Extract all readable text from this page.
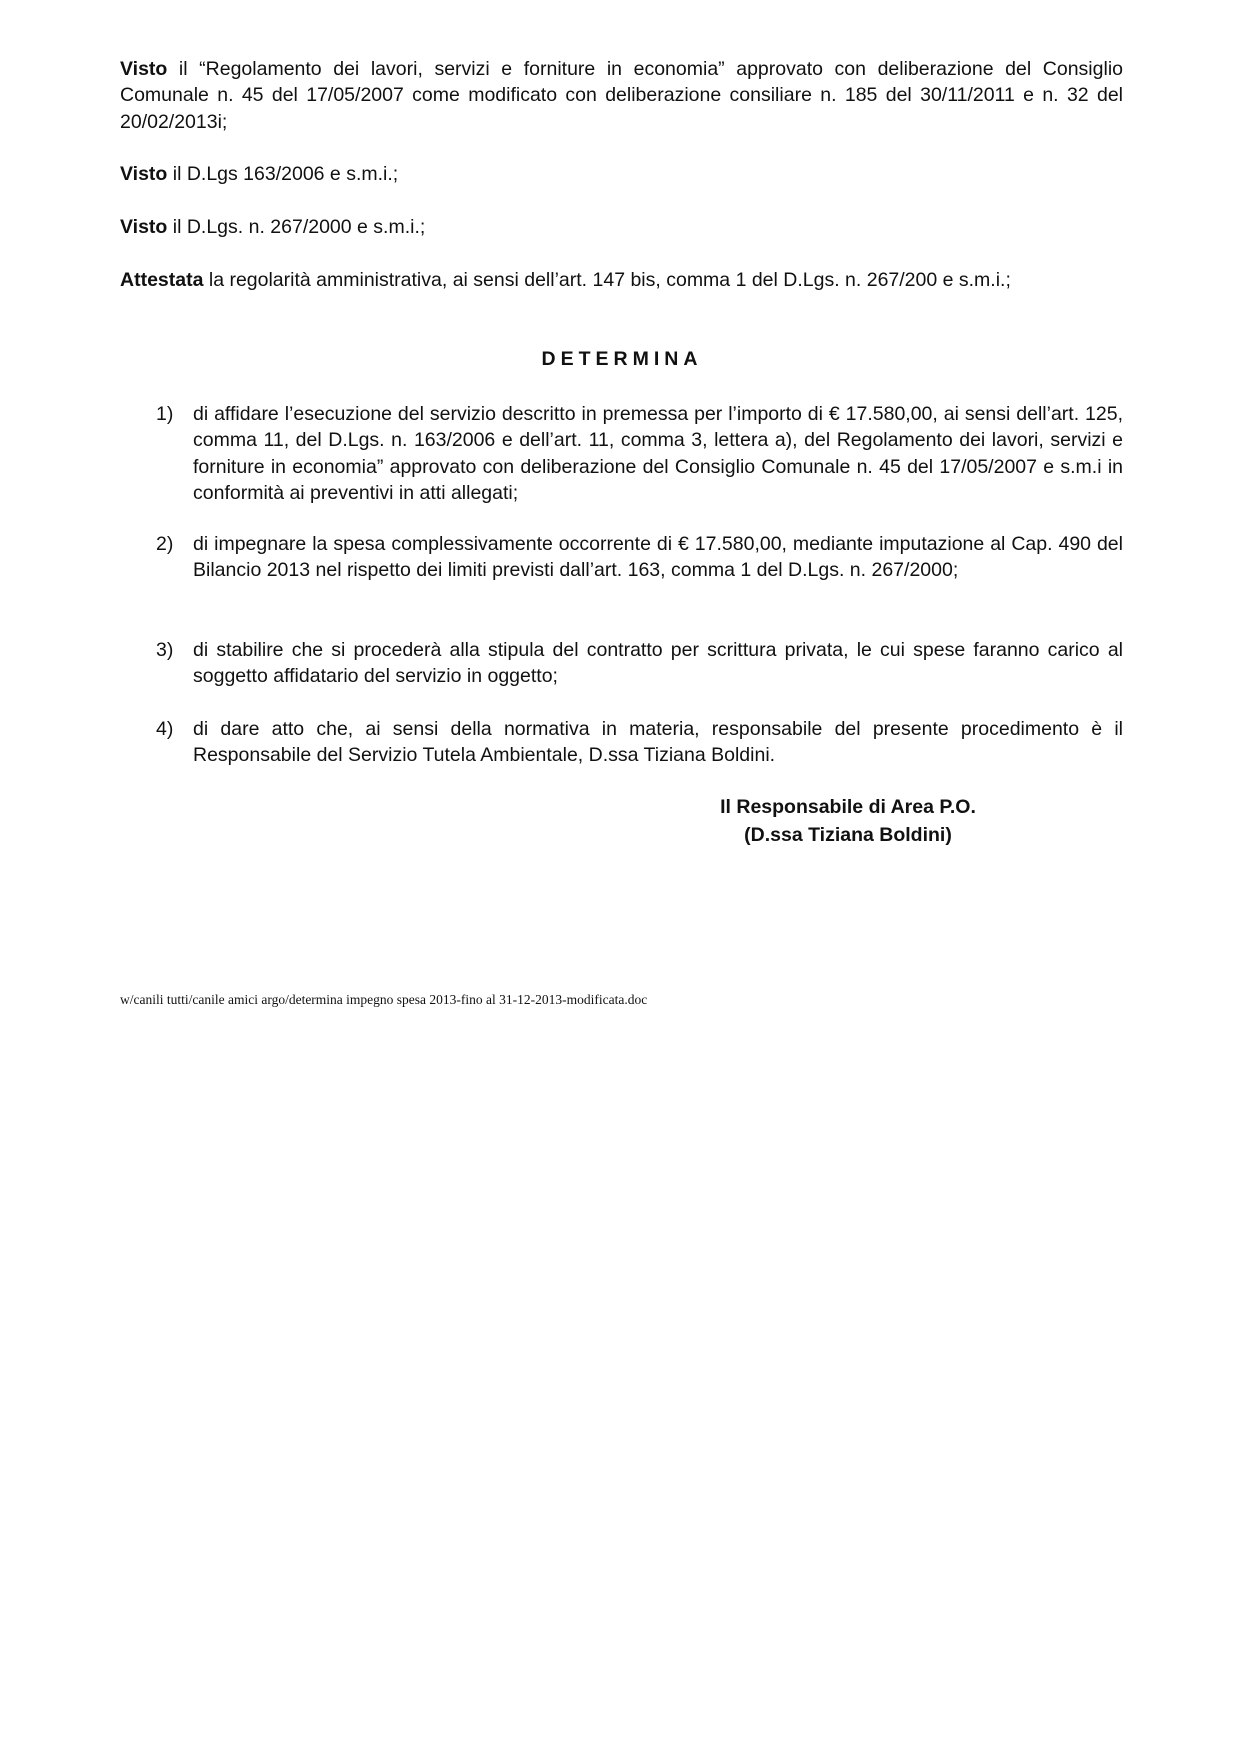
Visto il “Regolamento dei lavori, servizi e forniture in economia” approvato con deliberazione del Consiglio Comunale n. 45 del 17/05/2007 come modificato con deliberazione consiliare n. 185 del 30/11/2011 e n. 32 del 20/02/2013i;
Visto il D.Lgs 163/2006 e s.m.i.;
Visto il D.Lgs. n. 267/2000 e s.m.i.;
Attestata la regolarità amministrativa, ai sensi dell’art. 147 bis, comma 1 del D.Lgs. n. 267/200 e s.m.i.;
DETERMINA
1) di affidare l’esecuzione del servizio descritto in premessa per l’importo di € 17.580,00, ai sensi dell’art. 125, comma 11, del D.Lgs. n. 163/2006 e dell’art. 11, comma 3, lettera a), del Regolamento dei lavori, servizi e forniture in economia” approvato con deliberazione del Consiglio Comunale n. 45 del 17/05/2007 e s.m.i in conformità ai preventivi in atti allegati;
2) di impegnare la spesa complessivamente occorrente di € 17.580,00, mediante imputazione al Cap. 490 del Bilancio 2013 nel rispetto dei limiti previsti dall’art. 163, comma 1 del D.Lgs. n. 267/2000;
3) di stabilire che si procederà alla stipula del contratto per scrittura privata, le cui spese faranno carico al soggetto affidatario del servizio in oggetto;
4) di dare atto che, ai sensi della normativa in materia, responsabile del presente procedimento è il Responsabile del Servizio Tutela Ambientale, D.ssa Tiziana Boldini.
Il Responsabile di Area P.O.
(D.ssa Tiziana Boldini)
w/canili tutti/canile amici argo/determina impegno spesa 2013-fino al 31-12-2013-modificata.doc
